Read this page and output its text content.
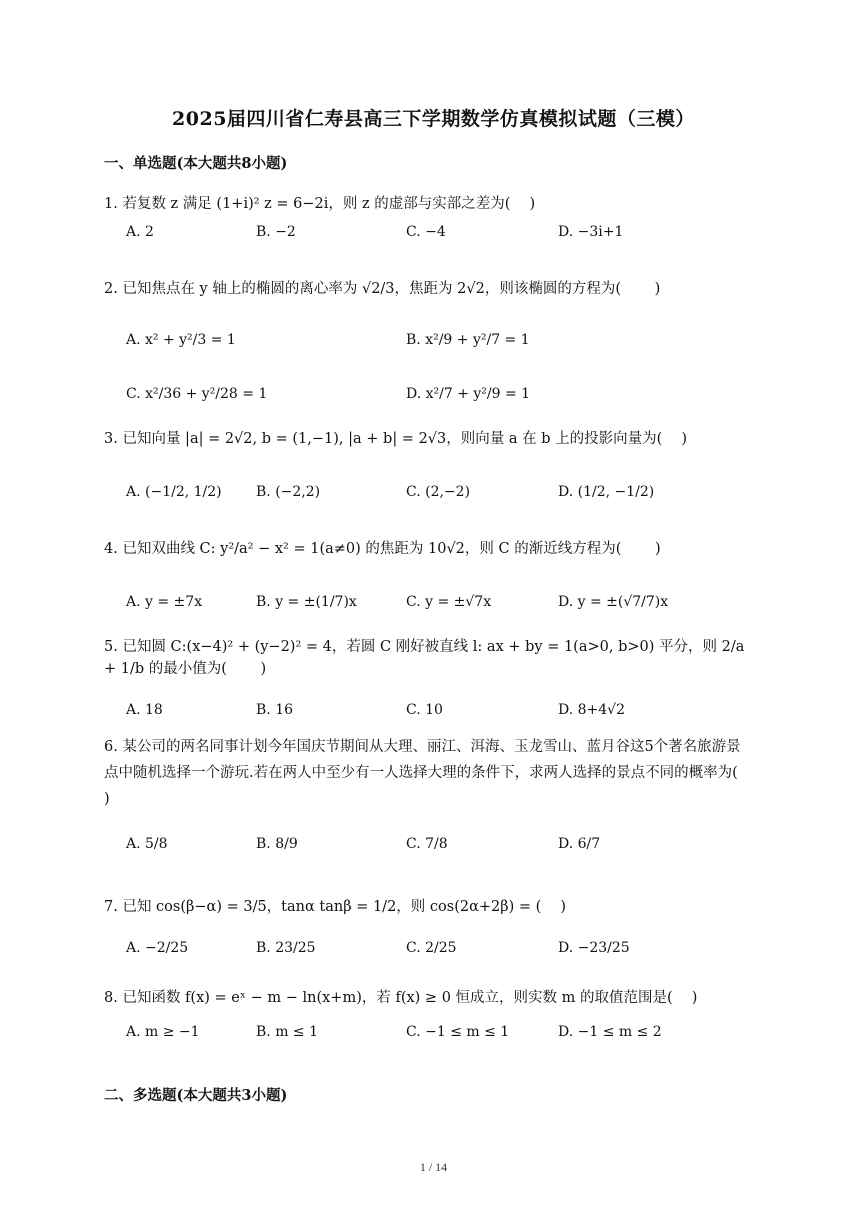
2025届四川省仁寿县高三下学期数学仿真模拟试题（三模）
一、单选题(本大题共8小题)
1. 若复数 z 满足 (1+i)² z = 6−2i，则 z 的虚部与实部之差为(　 )
A. 2	B. −2	C. −4	D. −3i+1
2. 已知焦点在 y 轴上的椭圆的离心率为 √2/3，焦距为 2√2，则该椭圆的方程为(　　 )
A. x² + y²/3 = 1	B. x²/9 + y²/7 = 1
C. x²/36 + y²/28 = 1	D. x²/7 + y²/9 = 1
3. 已知向量 |a| = 2√2, b = (1,−1), |a + b| = 2√3，则向量 a 在 b 上的投影向量为(　 )
A. (−1/2, 1/2) B. (−2,2)	C. (2,−2)	D. (1/2, −1/2)
4. 已知双曲线 C: y²/a² − x² = 1(a≠0) 的焦距为 10√2，则 C 的渐近线方程为(　　 )
A. y = ±7x	B. y = ±(1/7)x	C. y = ±√7x	D. y = ±(√7/7)x
5. 已知圆 C:(x−4)² + (y−2)² = 4，若圆 C 刚好被直线 l: ax + by = 1(a>0, b>0) 平分，则 2/a + 1/b 的最小值为(　　 )
A. 18	B. 16	C. 10	D. 8+4√2
6. 某公司的两名同事计划今年国庆节期间从大理、丽江、洱海、玉龙雪山、蓝月谷这5个著名旅游景点中随机选择一个游玩.若在两人中至少有一人选择大理的条件下，求两人选择的景点不同的概率为(　 )
A. 5/8	B. 8/9	C. 7/8	D. 6/7
7. 已知 cos(β−α) = 3/5，tanα tanβ = 1/2，则 cos(2α+2β) = (　 )
A. −2/25	B. 23/25	C. 2/25	D. −23/25
8. 已知函数 f(x) = eˣ − m − ln(x+m)，若 f(x) ≥ 0 恒成立，则实数 m 的取值范围是(　 )
A. m ≥ −1	B. m ≤ 1	C. −1 ≤ m ≤ 1	D. −1 ≤ m ≤ 2
二、多选题(本大题共3小题)
1 / 14
